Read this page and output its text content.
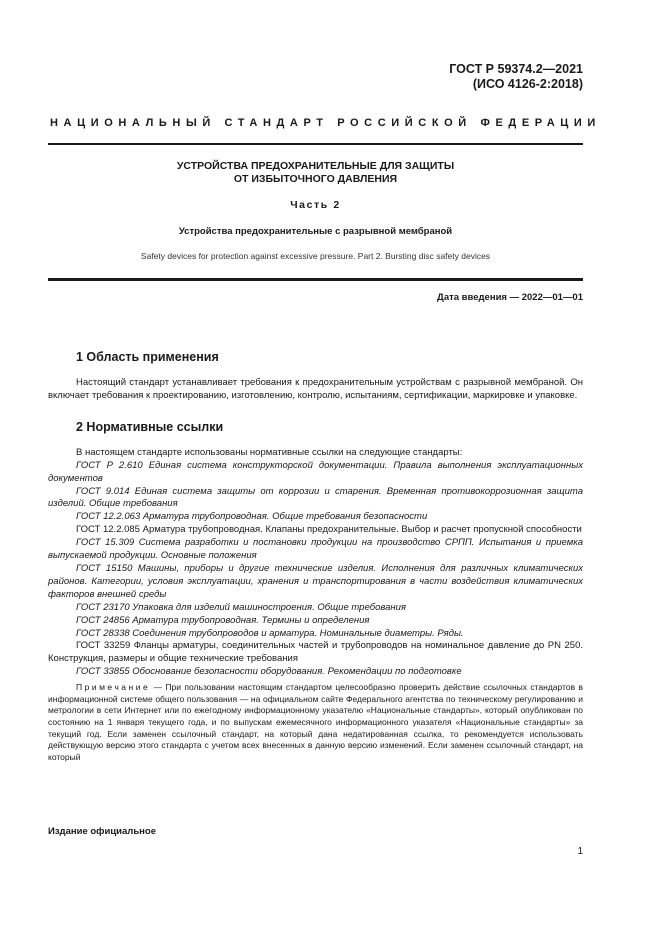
ГОСТ Р 59374.2—2021
(ИСО 4126-2:2018)
НАЦИОНАЛЬНЫЙ СТАНДАРТ РОССИЙСКОЙ ФЕДЕРАЦИИ
УСТРОЙСТВА ПРЕДОХРАНИТЕЛЬНЫЕ ДЛЯ ЗАЩИТЫ
ОТ ИЗБЫТОЧНОГО ДАВЛЕНИЯ
Часть 2
Устройства предохранительные с разрывной мембраной
Safety devices for protection against excessive pressure. Part 2. Bursting disc safety devices
Дата введения — 2022—01—01
1 Область применения

Настоящий стандарт устанавливает требования к предохранительным устройствам с разрывной мембраной. Он включает требования к проектированию, изготовлению, контролю, испытаниям, сертификации, маркировке и упаковке.

2 Нормативные ссылки

В настоящем стандарте использованы нормативные ссылки на следующие стандарты:

ГОСТ Р 2.610 Единая система конструкторской документации. Правила выполнения эксплуатационных документов

ГОСТ 9.014 Единая система защиты от коррозии и старения. Временная противокоррозионная защита изделий. Общие требования

ГОСТ 12.2.063 Арматура трубопроводная. Общие требования безопасности

ГОСТ 12.2.085 Арматура трубопроводная. Клапаны предохранительные. Выбор и расчет пропускной способности

ГОСТ 15.309 Система разработки и постановки продукции на производство СРПП. Испытания и приемка выпускаемой продукции. Основные положения

ГОСТ 15150 Машины, приборы и другие технические изделия. Исполнения для различных климатических районов. Категории, условия эксплуатации, хранения и транспортирования в части воздействия климатических факторов внешней среды

ГОСТ 23170 Упаковка для изделий машиностроения. Общие требования

ГОСТ 24856 Арматура трубопроводная. Термины и определения

ГОСТ 28338 Соединения трубопроводов и арматура. Номинальные диаметры. Ряды.

ГОСТ 33259 Фланцы арматуры, соединительных частей и трубопроводов на номинальное давление до PN 250. Конструкция, размеры и общие технические требования

ГОСТ 33855 Обоснование безопасности оборудования. Рекомендации по подготовке

Примечание — При пользовании настоящим стандартом целесообразно проверить действие ссылочных стандартов в информационной системе общего пользования — на официальном сайте Федерального агентства по техническому регулированию и метрологии в сети Интернет или по ежегодному информационному указателю «Национальные стандарты», который опубликован по состоянию на 1 января текущего года, и по выпускам ежемесячного информационного указателя «Национальные стандарты» за текущий год. Если заменен ссылочный стандарт, на который дана недатированная ссылка, то рекомендуется использовать действующую версию этого стандарта с учетом всех внесенных в данную версию изменений. Если заменен ссылочный стандарт, на который

Издание официальное
1
